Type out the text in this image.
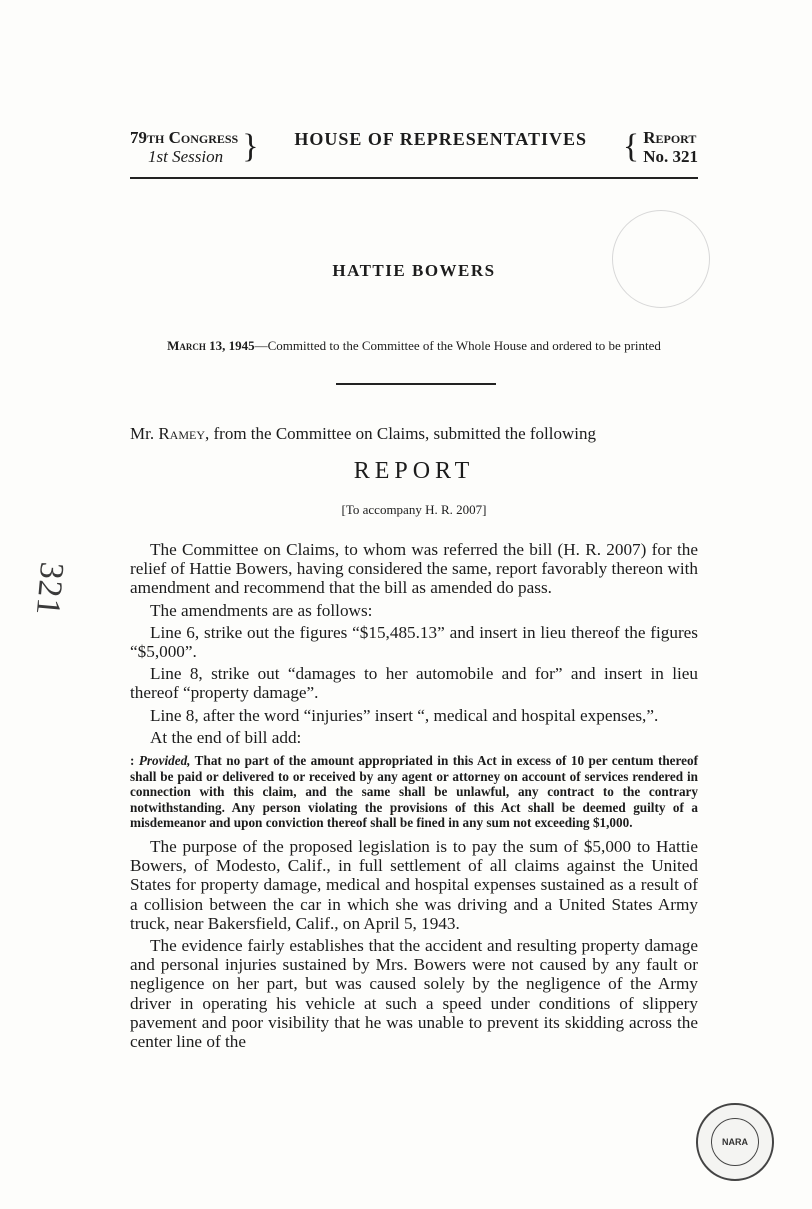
321
79th Congress
1st Session }	HOUSE OF REPRESENTATIVES	{ Report
No. 321
HATTIE BOWERS
March 13, 1945—Committed to the Committee of the Whole House and ordered to be printed
Mr. Ramey, from the Committee on Claims, submitted the following
REPORT
[To accompany H. R. 2007]

The Committee on Claims, to whom was referred the bill (H. R. 2007) for the relief of Hattie Bowers, having considered the same, report favorably thereon with amendment and recommend that the bill as amended do pass.

The amendments are as follows:

Line 6, strike out the figures “$15,485.13” and insert in lieu thereof the figures “$5,000”.

Line 8, strike out “damages to her automobile and for” and insert in lieu thereof “property damage”.

Line 8, after the word “injuries” insert “, medical and hospital expenses,”.

At the end of bill add:

: Provided, That no part of the amount appropriated in this Act in excess of 10 per centum thereof shall be paid or delivered to or received by any agent or attorney on account of services rendered in connection with this claim, and the same shall be unlawful, any contract to the contrary notwithstanding. Any person violating the provisions of this Act shall be deemed guilty of a misdemeanor and upon conviction thereof shall be fined in any sum not exceeding $1,000.

The purpose of the proposed legislation is to pay the sum of $5,000 to Hattie Bowers, of Modesto, Calif., in full settlement of all claims against the United States for property damage, medical and hospital expenses sustained as a result of a collision between the car in which she was driving and a United States Army truck, near Bakersfield, Calif., on April 5, 1943.

The evidence fairly establishes that the accident and resulting property damage and personal injuries sustained by Mrs. Bowers were not caused by any fault or negligence on her part, but was caused solely by the negligence of the Army driver in operating his vehicle at such a speed under conditions of slippery pavement and poor visibility that he was unable to prevent its skidding across the center line of the

NARA
